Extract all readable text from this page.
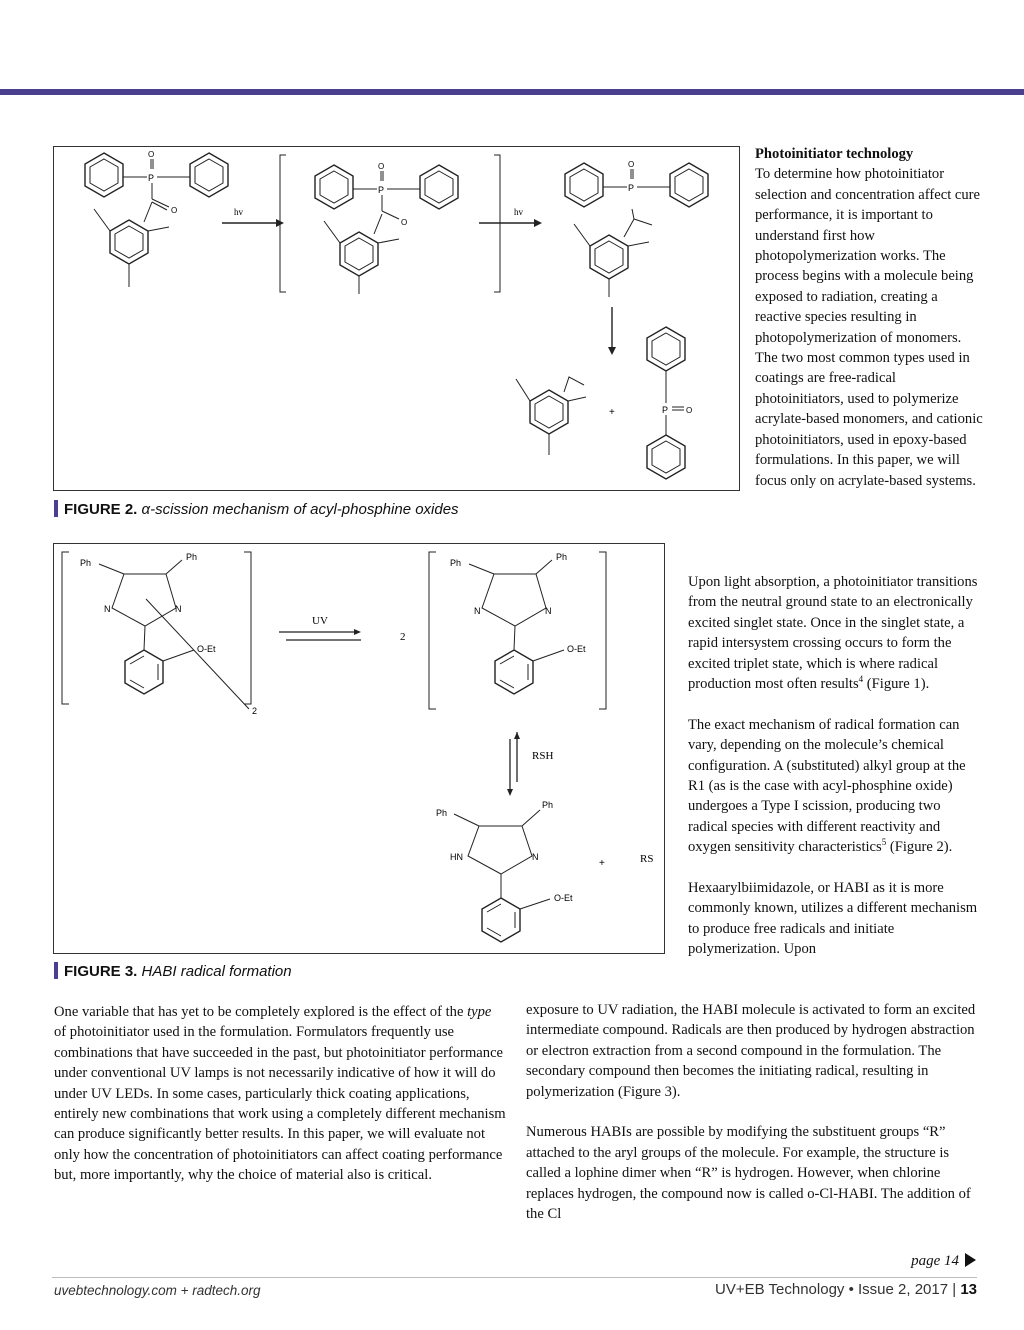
P
O
O	hv
P
O
O
hv
P
O
+	P O
FIGURE 2. α-scission mechanism of acyl-phosphine oxides
Ph
Ph
N	N
O-Et
2
UV
2
Ph
Ph
N	N
O-Et
RSH
Ph
Ph
HN	N
O-Et
+	RS
FIGURE 3. HABI radical formation

Photoinitiator technology

To determine how photoinitiator selection and concentration affect cure performance, it is important to understand first how photopolymerization works. The process begins with a molecule being exposed to radiation, creating a reactive species resulting in photopolymerization of monomers. The two most common types used in coatings are free-radical photoinitiators, used to polymerize acrylate-based monomers, and cationic photoinitiators, used in epoxy-based formulations. In this paper, we will focus only on acrylate-based systems.

Upon light absorption, a photoinitiator transitions from the neutral ground state to an electronically excited singlet state. Once in the singlet state, a rapid intersystem crossing occurs to form the excited triplet state, which is where radical production most often results$^4$ (Figure 1).

The exact mechanism of radical formation can vary, depending on the molecule’s chemical configuration. A (substituted) alkyl group at the R1 (as is the case with acyl-phosphine oxide) undergoes a Type I scission, producing two radical species with different reactivity and oxygen sensitivity characteristics$^5$ (Figure 2).

Hexaarylbiimidazole, or HABI as it is more commonly known, utilizes a different mechanism to produce free radicals and initiate polymerization. Upon

exposure to UV radiation, the HABI molecule is activated to form an excited intermediate compound. Radicals are then produced by hydrogen abstraction or electron extraction from a second compound in the formulation. The secondary compound then becomes the initiating radical, resulting in polymerization (Figure 3).

Numerous HABIs are possible by modifying the substituent groups “R” attached to the aryl groups of the molecule. For example, the structure is called a lophine dimer when “R” is hydrogen. However, when chlorine replaces hydrogen, the compound now is called o-Cl-HABI. The addition of the Cl

One variable that has yet to be completely explored is the effect of the type of photoinitiator used in the formulation. Formulators frequently use combinations that have succeeded in the past, but photoinitiator performance under conventional UV lamps is not necessarily indicative of how it will do under UV LEDs. In some cases, particularly thick coating applications, entirely new combinations that work using a completely different mechanism can produce significantly better results. In this paper, we will evaluate not only how the concentration of photoinitiators can affect coating performance but, more importantly, why the choice of material also is critical.

page 14
uvebtechnology.com + radtech.org	UV+EB Technology • Issue 2, 2017 | 13
